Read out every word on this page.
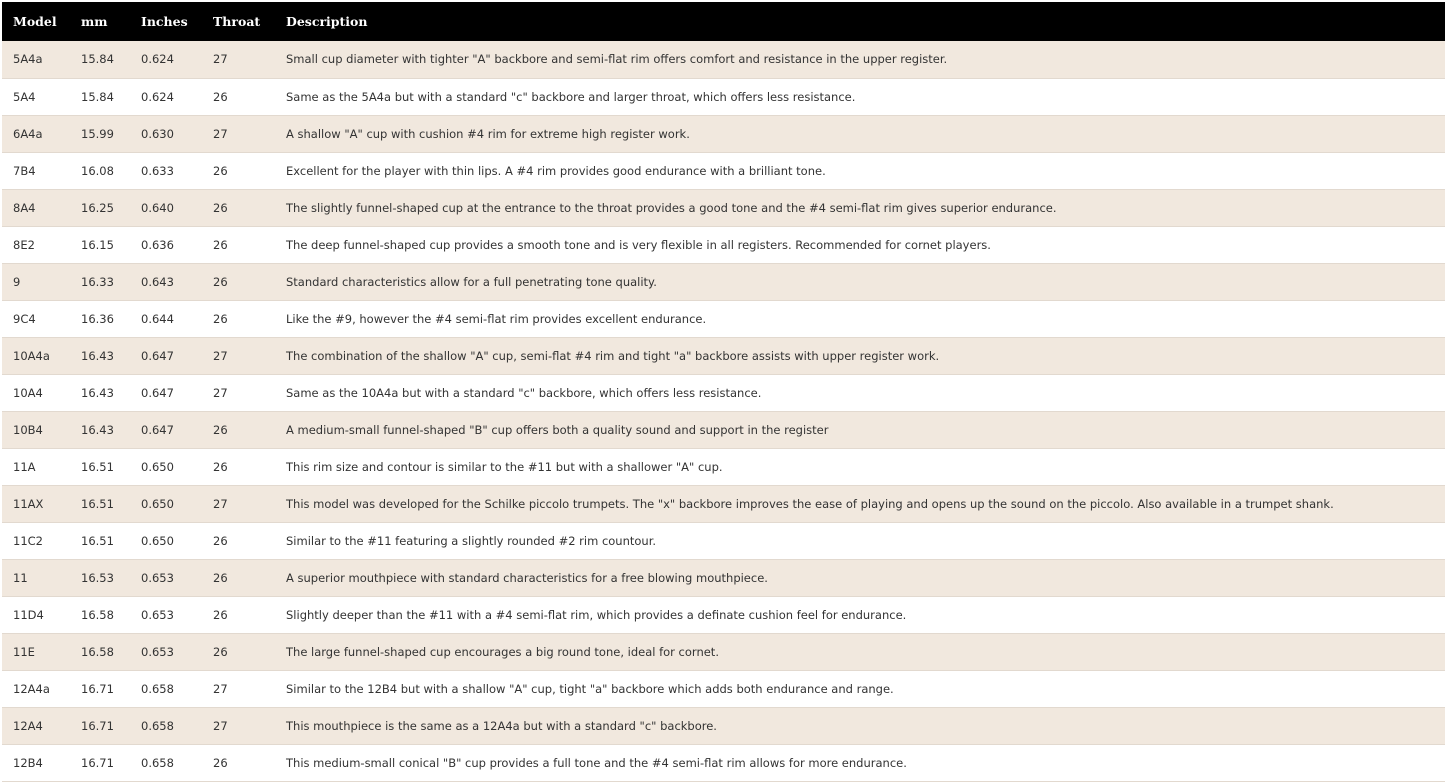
Model	mm	Inches	Throat	Description
5A4a	15.84	0.624	27	Small cup diameter with tighter "A" backbore and semi-flat rim offers comfort and resistance in the upper register.
5A4	15.84	0.624	26	Same as the 5A4a but with a standard "c" backbore and larger throat, which offers less resistance.
6A4a	15.99	0.630	27	A shallow "A" cup with cushion #4 rim for extreme high register work.
7B4	16.08	0.633	26	Excellent for the player with thin lips. A #4 rim provides good endurance with a brilliant tone.
8A4	16.25	0.640	26	The slightly funnel-shaped cup at the entrance to the throat provides a good tone and the #4 semi-flat rim gives superior endurance.
8E2	16.15	0.636	26	The deep funnel-shaped cup provides a smooth tone and is very flexible in all registers. Recommended for cornet players.
9	16.33	0.643	26	Standard characteristics allow for a full penetrating tone quality.
9C4	16.36	0.644	26	Like the #9, however the #4 semi-flat rim provides excellent endurance.
10A4a	16.43	0.647	27	The combination of the shallow "A" cup, semi-flat #4 rim and tight "a" backbore assists with upper register work.
10A4	16.43	0.647	27	Same as the 10A4a but with a standard "c" backbore, which offers less resistance.
10B4	16.43	0.647	26	A medium-small funnel-shaped "B" cup offers both a quality sound and support in the register
11A	16.51	0.650	26	This rim size and contour is similar to the #11 but with a shallower "A" cup.
11AX	16.51	0.650	27	This model was developed for the Schilke piccolo trumpets. The "x" backbore improves the ease of playing and opens up the sound on the piccolo. Also available in a trumpet shank.
11C2	16.51	0.650	26	Similar to the #11 featuring a slightly rounded #2 rim countour.
11	16.53	0.653	26	A superior mouthpiece with standard characteristics for a free blowing mouthpiece.
11D4	16.58	0.653	26	Slightly deeper than the #11 with a #4 semi-flat rim, which provides a definate cushion feel for endurance.
11E	16.58	0.653	26	The large funnel-shaped cup encourages a big round tone, ideal for cornet.
12A4a	16.71	0.658	27	Similar to the 12B4 but with a shallow "A" cup, tight "a" backbore which adds both endurance and range.
12A4	16.71	0.658	27	This mouthpiece is the same as a 12A4a but with a standard "c" backbore.
12B4	16.71	0.658	26	This medium-small conical "B" cup provides a full tone and the #4 semi-flat rim allows for more endurance.
